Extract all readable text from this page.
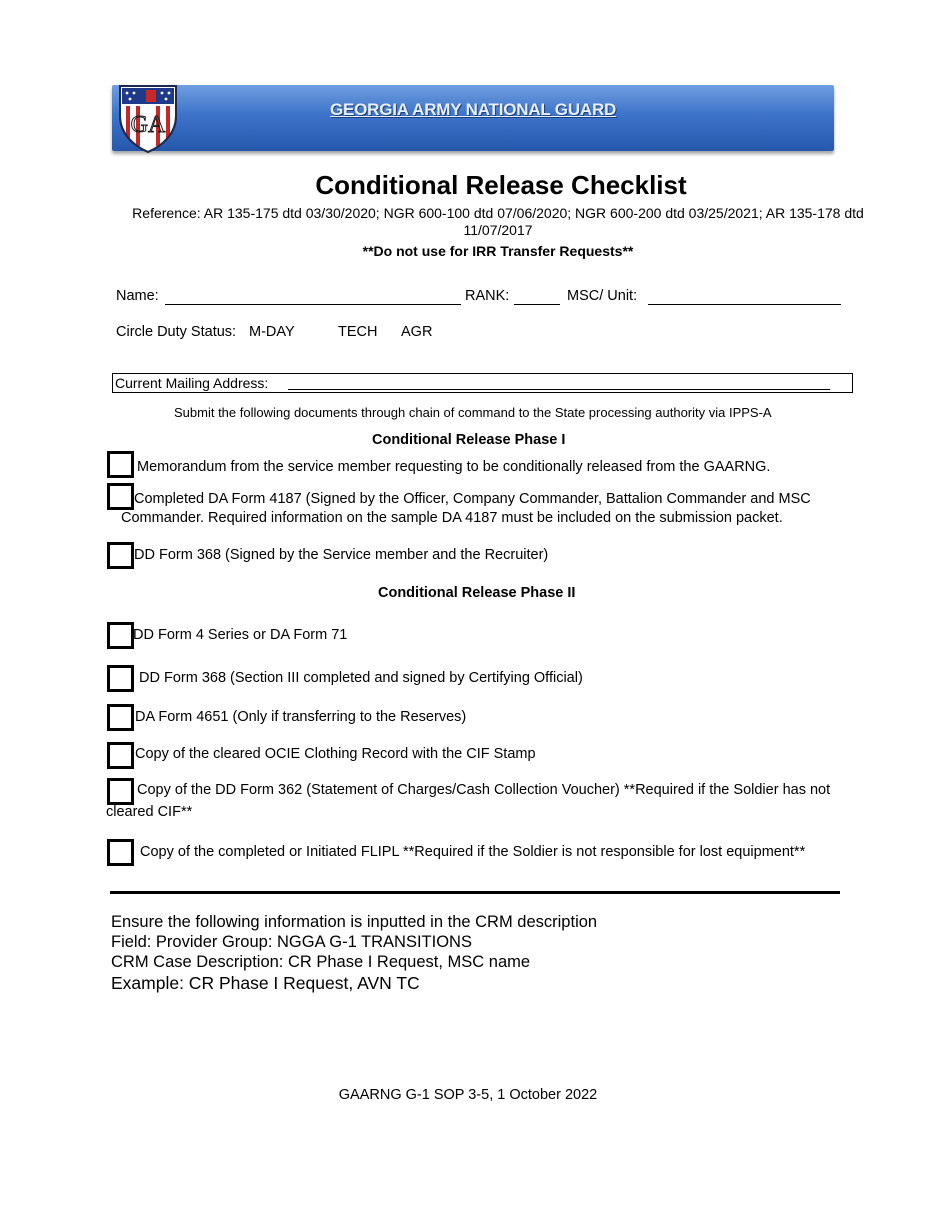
GA
GEORGIA ARMY NATIONAL GUARD
Conditional Release Checklist
Reference: AR 135-175 dtd 03/30/2020; NGR 600-100 dtd 07/06/2020; NGR 600-200 dtd 03/25/2021; AR 135-178 dtd 11/07/2017
**Do not use for IRR Transfer Requests**
Name:	RANK:	MSC/ Unit:
Circle Duty Status: M-DAY	TECH AGR
Current Mailing Address:
Submit the following documents through chain of command to the State processing authority via IPPS-A
Conditional Release Phase I
Memorandum from the service member requesting to be conditionally released from the GAARNG.
Completed DA Form 4187 (Signed by the Officer, Company Commander, Battalion Commander and MSC
Commander. Required information on the sample DA 4187 must be included on the submission packet.
DD Form 368 (Signed by the Service member and the Recruiter)
Conditional Release Phase II
DD Form 4 Series or DA Form 71
DD Form 368 (Section III completed and signed by Certifying Official)
DA Form 4651 (Only if transferring to the Reserves)
Copy of the cleared OCIE Clothing Record with the CIF Stamp
Copy of the DD Form 362 (Statement of Charges/Cash Collection Voucher) **Required if the Soldier has not
cleared CIF**
Copy of the completed or Initiated FLIPL **Required if the Soldier is not responsible for lost equipment**
Ensure the following information is inputted in the CRM description
Field: Provider Group: NGGA G-1 TRANSITIONS
CRM Case Description: CR Phase I Request, MSC name
Example: CR Phase I Request, AVN TC
GAARNG G-1 SOP 3-5, 1 October 2022
